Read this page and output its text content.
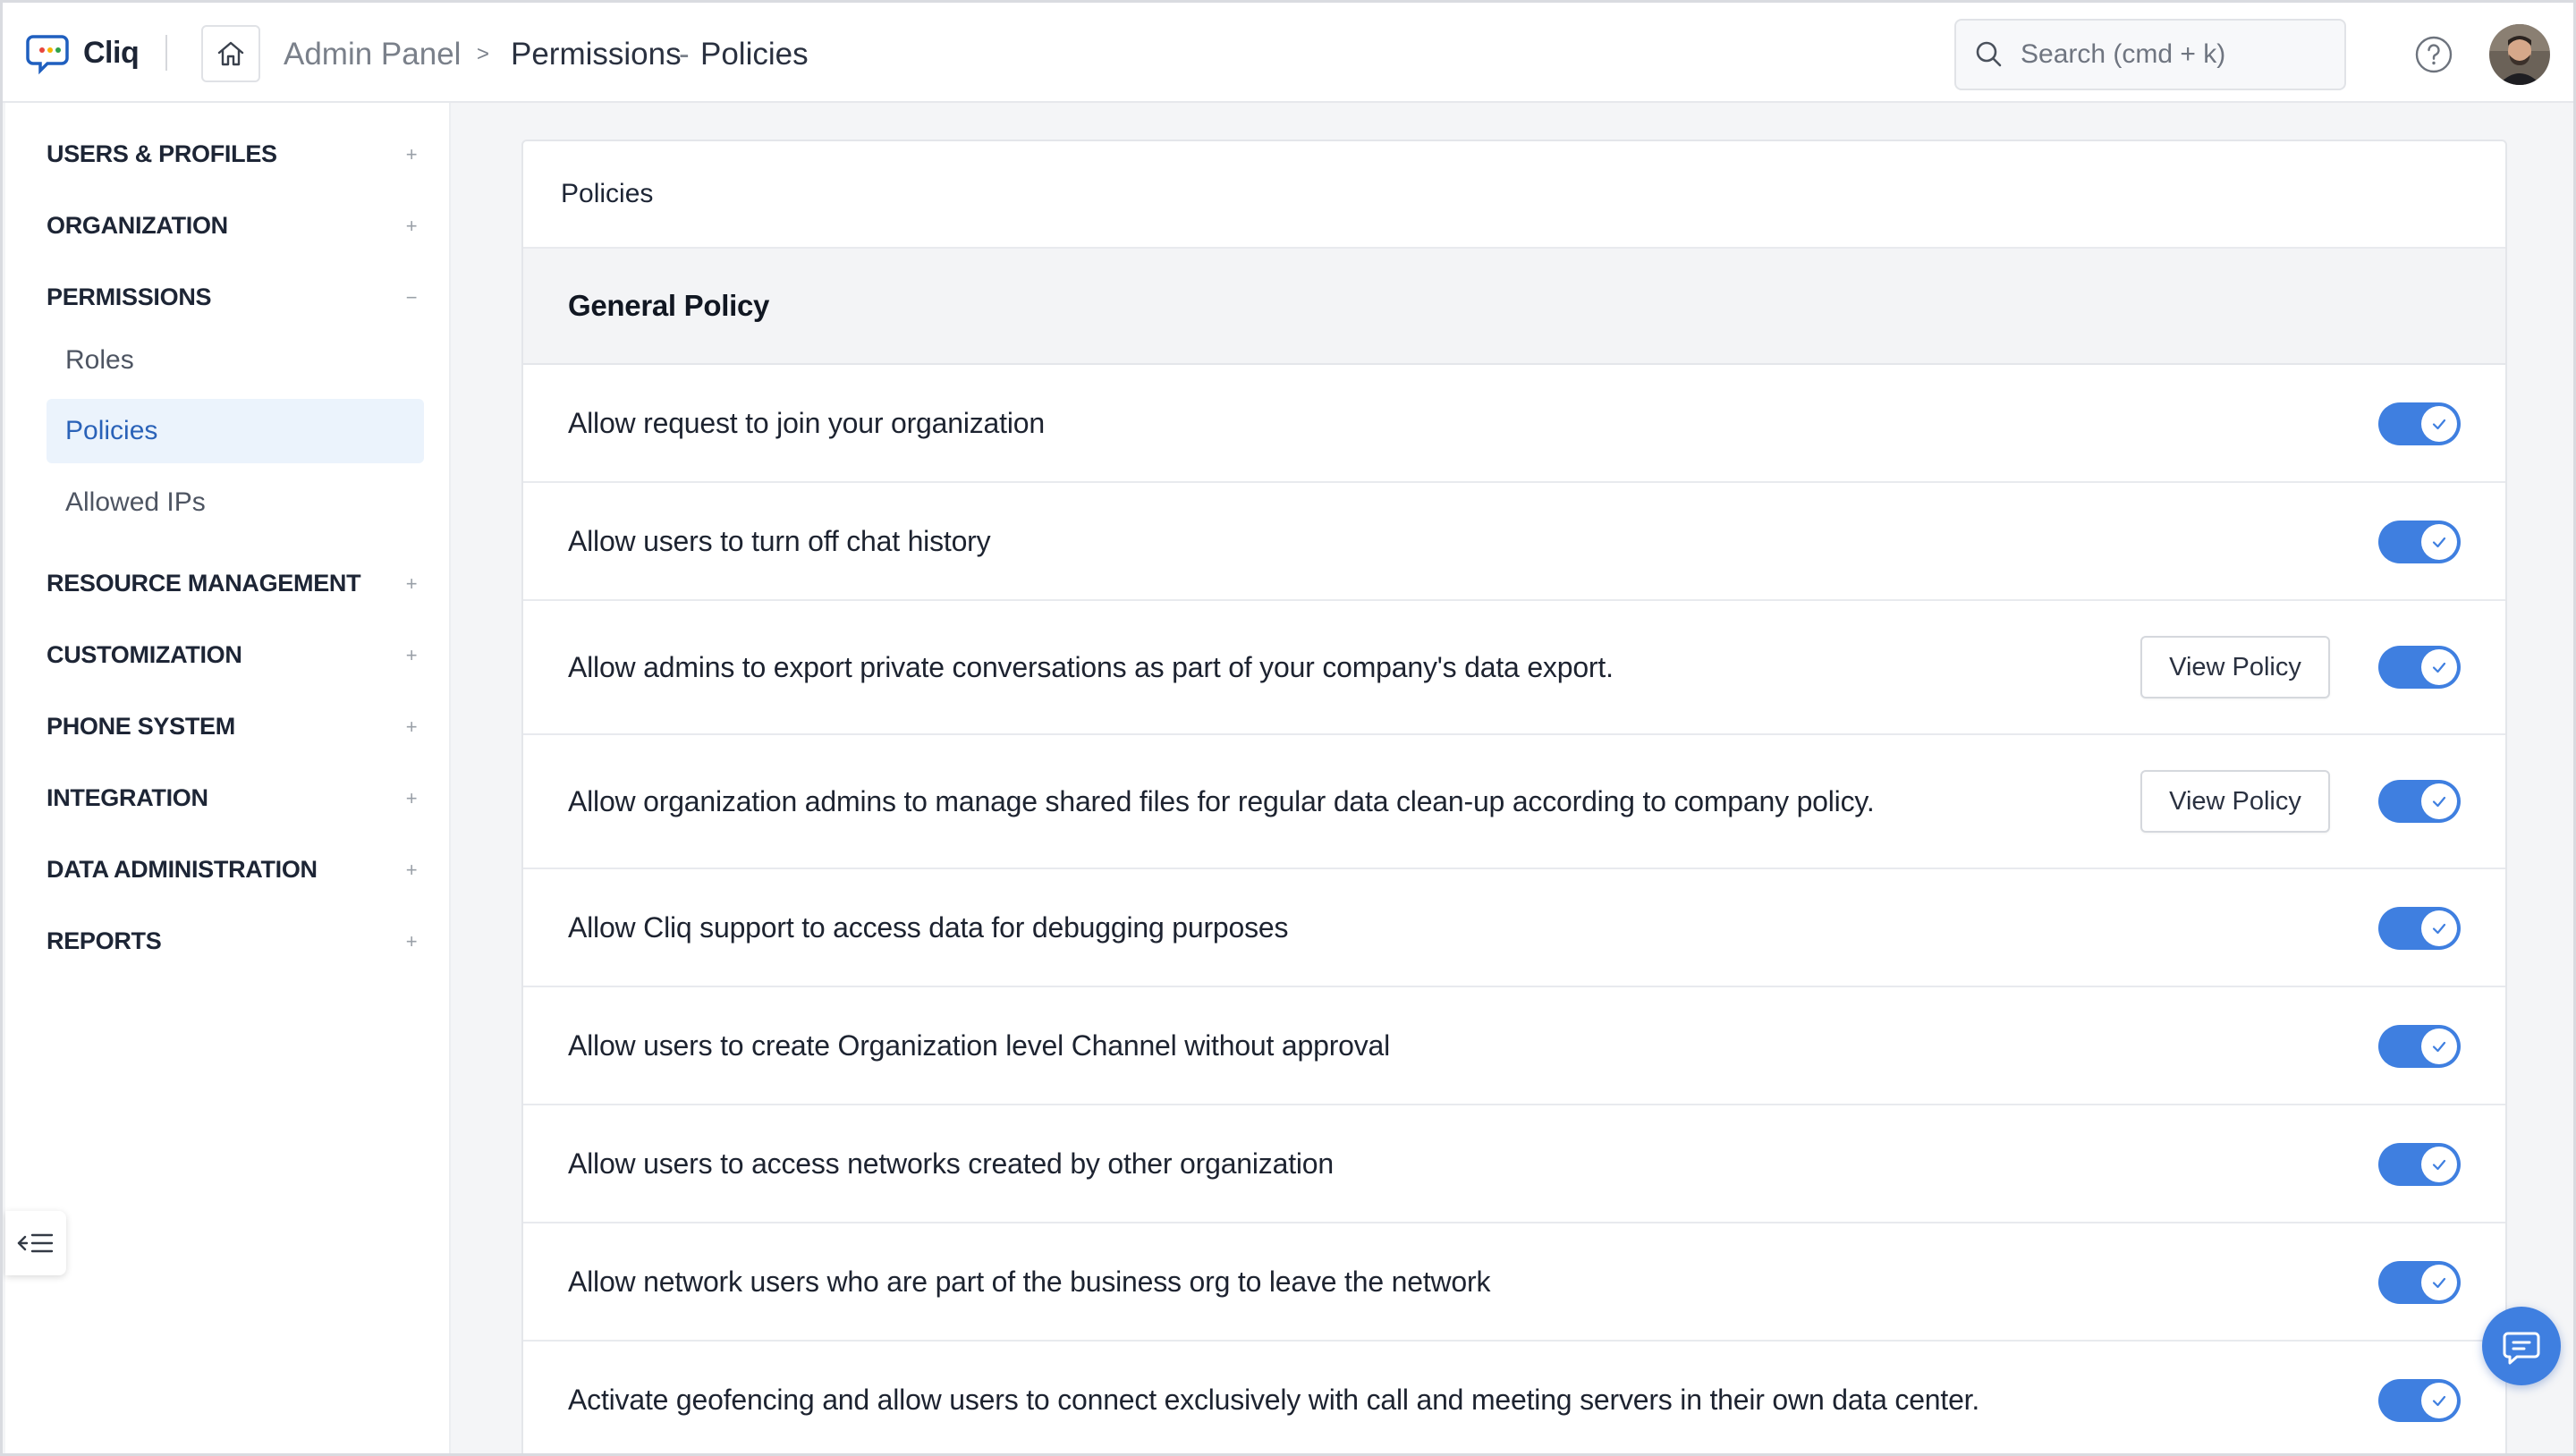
Cliq	Admin Panel > Permissions
- Policies
Search (cmd + k)
USERS & PROFILES	+
ORGANIZATION	+
PERMISSIONS	−
Roles
Policies
Allowed IPs
RESOURCE MANAGEMENT +
CUSTOMIZATION	+
PHONE SYSTEM	+
INTEGRATION	+
DATA ADMINISTRATION	+
REPORTS	+
Policies
General Policy
Allow request to join your organization
Allow users to turn off chat history
Allow admins to export private conversations as part of your company's data export.	View Policy
Allow organization admins to manage shared files for regular data clean-up according to company policy.	View Policy
Allow Cliq support to access data for debugging purposes
Allow users to create Organization level Channel without approval
Allow users to access networks created by other organization
Allow network users who are part of the business org to leave the network
Activate geofencing and allow users to connect exclusively with call and meeting servers in their own data center.
